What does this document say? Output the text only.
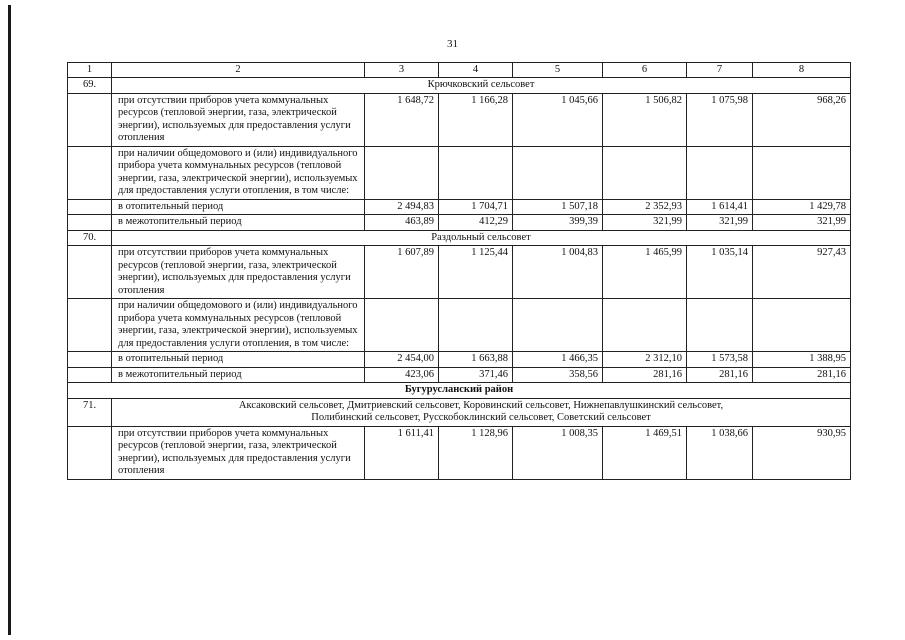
31
1	2	3	4	5	6	7	8
69.	Крючковский сельсовет						
	при отсутствии приборов учета коммунальных ресурсов (тепловой энергии, газа, электрической энергии), используемых для предоставления услуги отопления	1 648,72	1 166,28	1 045,66	1 506,82	1 075,98	968,26
	при наличии общедомового и (или) индивидуального прибора учета коммунальных ресурсов (тепловой энергии, газа, электрической энергии), используемых для предоставления услуги отопления, в том числе:						
	в отопительный период	2 494,83	1 704,71	1 507,18	2 352,93	1 614,41	1 429,78
	в межотопительный период	463,89	412,29	399,39	321,99	321,99	321,99
70.	Раздольный сельсовет						
	при отсутствии приборов учета коммунальных ресурсов (тепловой энергии, газа, электрической энергии), используемых для предоставления услуги отопления	1 607,89	1 125,44	1 004,83	1 465,99	1 035,14	927,43
	при наличии общедомового и (или) индивидуального прибора учета коммунальных ресурсов (тепловой энергии, газа, электрической энергии), используемых для предоставления услуги отопления, в том числе:						
	в отопительный период	2 454,00	1 663,88	1 466,35	2 312,10	1 573,58	1 388,95
	в межотопительный период	423,06	371,46	358,56	281,16	281,16	281,16
Бугурусланский район							
71.	Аксаковский сельсовет, Дмитриевский сельсовет, Коровинский сельсовет, Нижнепавлушкинский сельсовет,
Полибинский сельсовет, Русскобоклинский сельсовет, Советский сельсовет						

	при отсутствии приборов учета коммунальных ресурсов (тепловой энергии, газа, электрической энергии), используемых для предоставления услуги отопления	1 611,41	1 128,96	1 008,35	1 469,51	1 038,66	930,95
